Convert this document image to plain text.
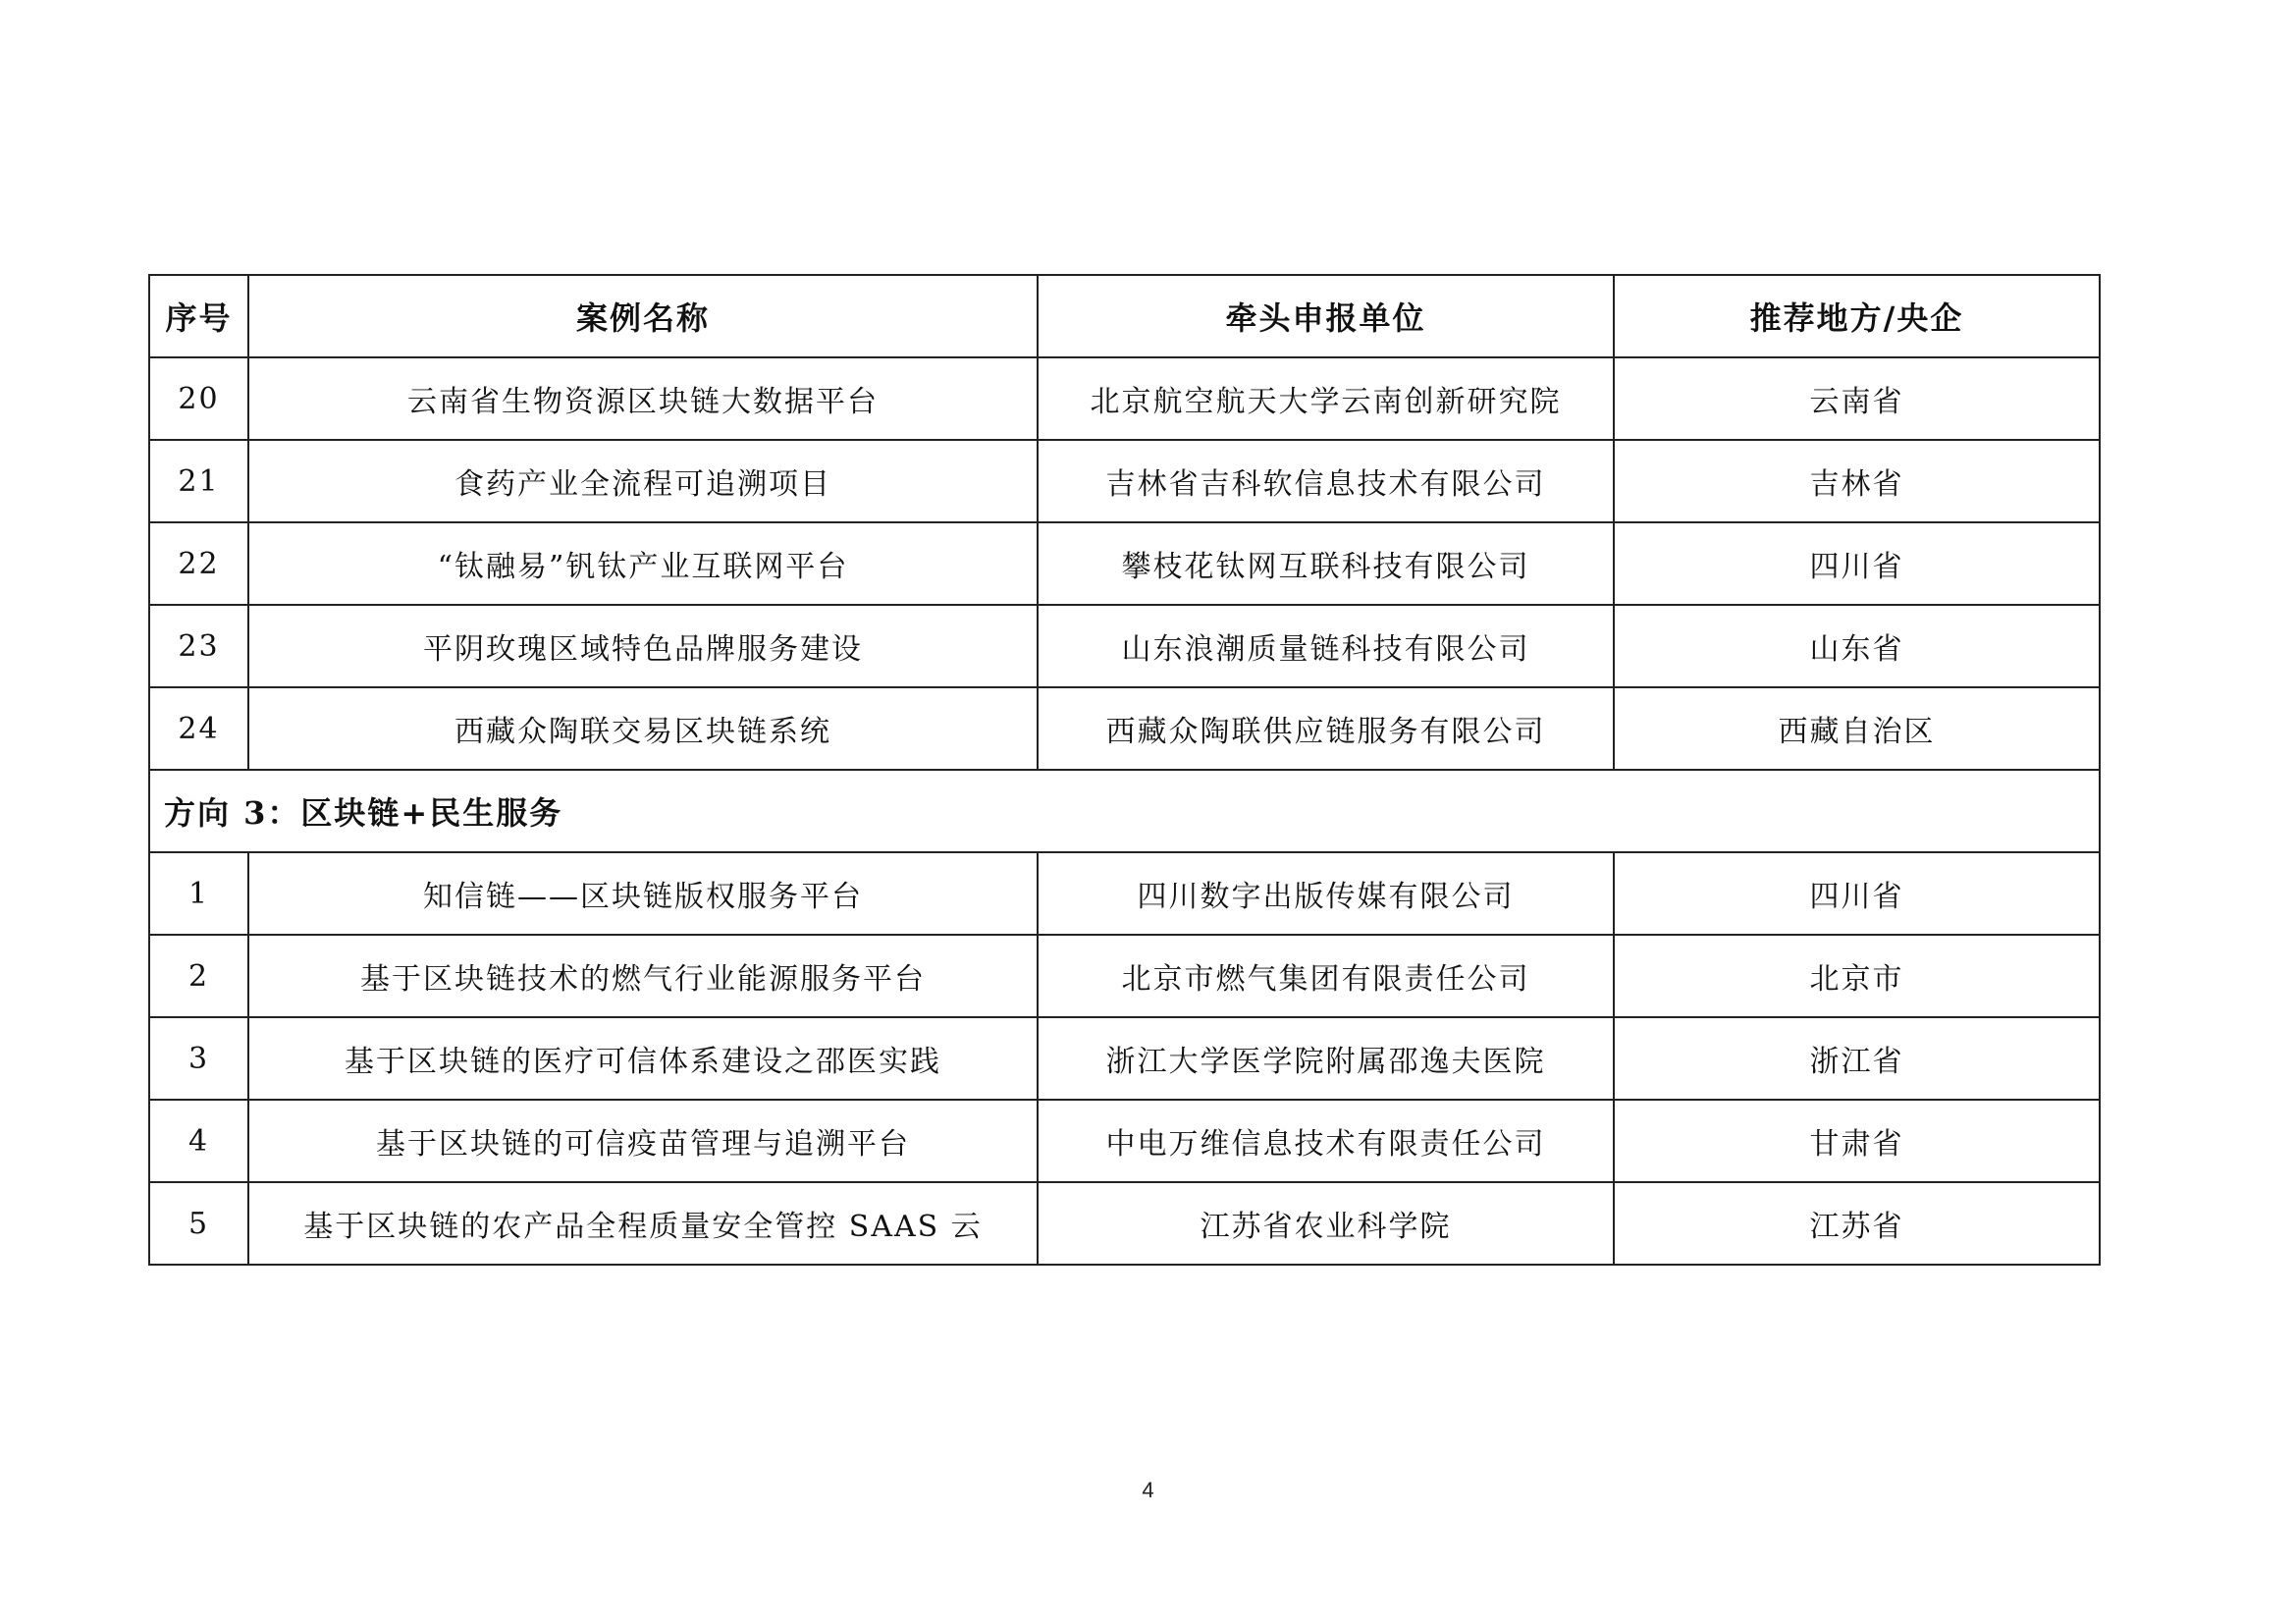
序号	案例名称	牵头申报单位	推荐地方/央企
20	云南省生物资源区块链大数据平台	北京航空航天大学云南创新研究院	云南省
21	食药产业全流程可追溯项目	吉林省吉科软信息技术有限公司	吉林省
22	“钛融易”钒钛产业互联网平台	攀枝花钛网互联科技有限公司	四川省
23	平阴玫瑰区域特色品牌服务建设	山东浪潮质量链科技有限公司	山东省
24	西藏众陶联交易区块链系统	西藏众陶联供应链服务有限公司	西藏自治区
方向 3：区块链+民生服务			
1	知信链——区块链版权服务平台	四川数字出版传媒有限公司	四川省
2	基于区块链技术的燃气行业能源服务平台	北京市燃气集团有限责任公司	北京市
3	基于区块链的医疗可信体系建设之邵医实践	浙江大学医学院附属邵逸夫医院	浙江省
4	基于区块链的可信疫苗管理与追溯平台	中电万维信息技术有限责任公司	甘肃省
5	基于区块链的农产品全程质量安全管控 SAAS 云	江苏省农业科学院	江苏省
4
